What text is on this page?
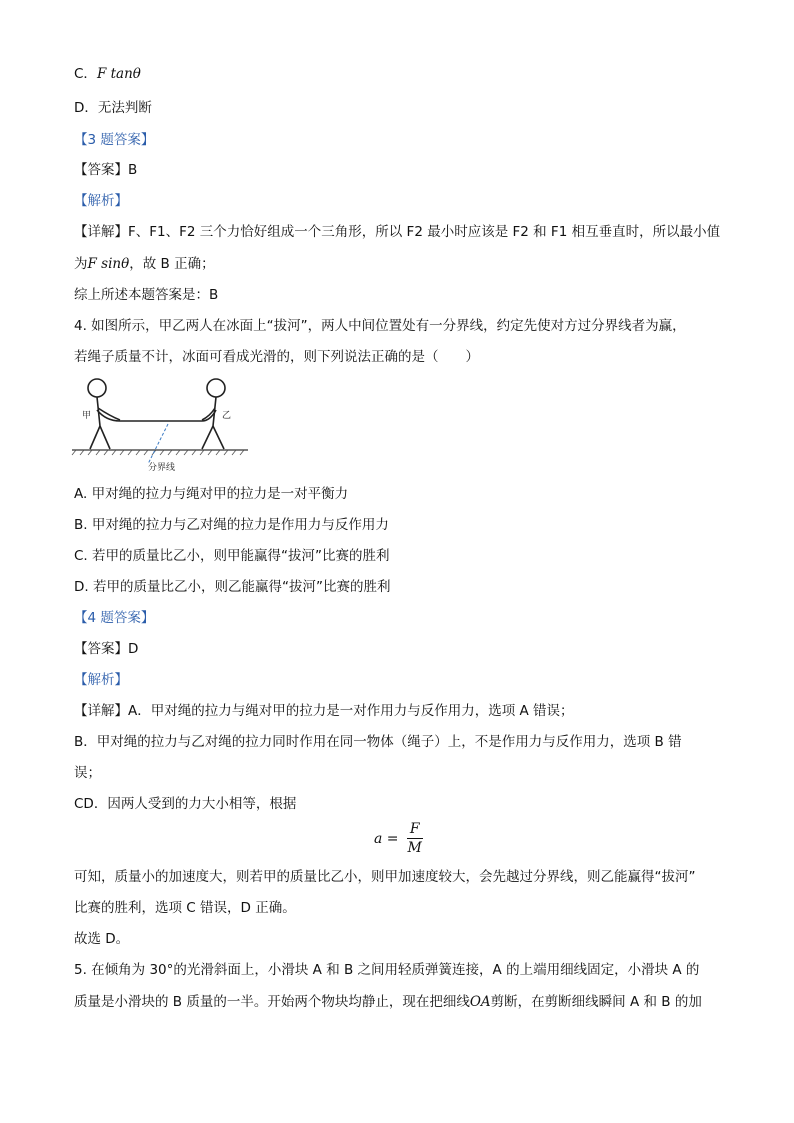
C．F tanθ
D．无法判断
【3 题答案】
【答案】B
【解析】
【详解】F、F1、F2 三个力恰好组成一个三角形，所以 F2 最小时应该是 F2 和 F1 相互垂直时，所以最小值
为F sinθ，故 B 正确；
综上所述本题答案是：B
4. 如图所示，甲乙两人在冰面上“拔河”，两人中间位置处有一分界线，约定先使对方过分界线者为赢，
若绳子质量不计，冰面可看成光滑的，则下列说法正确的是（　　）
甲	乙
分界线
A. 甲对绳的拉力与绳对甲的拉力是一对平衡力
B. 甲对绳的拉力与乙对绳的拉力是作用力与反作用力
C. 若甲的质量比乙小，则甲能赢得“拔河”比赛的胜利
D. 若甲的质量比乙小，则乙能赢得“拔河”比赛的胜利
【4 题答案】
【答案】D
【解析】
【详解】A．甲对绳的拉力与绳对甲的拉力是一对作用力与反作用力，选项 A 错误；
B．甲对绳的拉力与乙对绳的拉力同时作用在同一物体（绳子）上，不是作用力与反作用力，选项 B 错
误；
CD．因两人受到的力大小相等，根据
$a = \frac{F}{M}$
可知，质量小的加速度大，则若甲的质量比乙小，则甲加速度较大，会先越过分界线，则乙能赢得“拔河”
比赛的胜利，选项 C 错误，D 正确。
故选 D。
5. 在倾角为 30°的光滑斜面上，小滑块 A 和 B 之间用轻质弹簧连接，A 的上端用细线固定，小滑块 A 的
质量是小滑块的 B 质量的一半。开始两个物块均静止，现在把细线OA剪断，在剪断细线瞬间 A 和 B 的加
